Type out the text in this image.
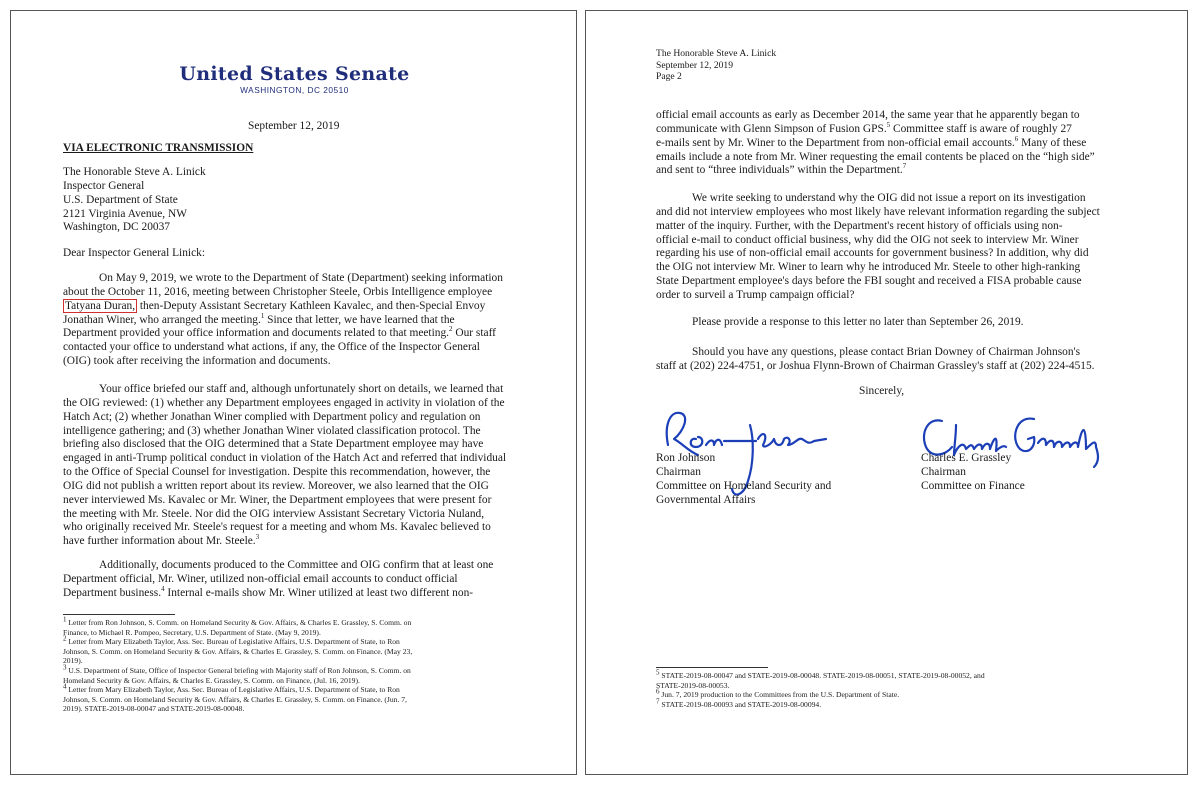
United States Senate
WASHINGTON, DC 20510

September 12, 2019

VIA ELECTRONIC TRANSMISSION

The Honorable Steve A. Linick

Inspector General

U.S. Department of State

2121 Virginia Avenue, NW

Washington, DC 20037

Dear Inspector General Linick:

On May 9, 2019, we wrote to the Department of State (Department) seeking information

about the October 11, 2016, meeting between Christopher Steele, Orbis Intelligence employee

Tatyana Duran, then-Deputy Assistant Secretary Kathleen Kavalec, and then-Special Envoy

Jonathan Winer, who arranged the meeting.$^1$ Since that letter, we have learned that the

Department provided your office information and documents related to that meeting.$^2$ Our staff

contacted your office to understand what actions, if any, the Office of the Inspector General

(OIG) took after receiving the information and documents.

Your office briefed our staff and, although unfortunately short on details, we learned that

the OIG reviewed: (1) whether any Department employees engaged in activity in violation of the

Hatch Act; (2) whether Jonathan Winer complied with Department policy and regulation on

intelligence gathering; and (3) whether Jonathan Winer violated classification protocol. The

briefing also disclosed that the OIG determined that a State Department employee may have

engaged in anti-Trump political conduct in violation of the Hatch Act and referred that individual

to the Office of Special Counsel for investigation. Despite this recommendation, however, the

OIG did not publish a written report about its review. Moreover, we also learned that the OIG

never interviewed Ms. Kavalec or Mr. Winer, the Department employees that were present for

the meeting with Mr. Steele. Nor did the OIG interview Assistant Secretary Victoria Nuland,

who originally received Mr. Steele's request for a meeting and whom Ms. Kavalec believed to

have further information about Mr. Steele.$^3$

Additionally, documents produced to the Committee and OIG confirm that at least one

Department official, Mr. Winer, utilized non-official email accounts to conduct official

Department business.$^4$ Internal e-mails show Mr. Winer utilized at least two different non-

$^1$ Letter from Ron Johnson, S. Comm. on Homeland Security & Gov. Affairs, & Charles E. Grassley, S. Comm. on

Finance, to Michael R. Pompeo, Secretary, U.S. Department of State. (May 9, 2019).

$^2$ Letter from Mary Elizabeth Taylor, Ass. Sec. Bureau of Legislative Affairs, U.S. Department of State, to Ron

Johnson, S. Comm. on Homeland Security & Gov. Affairs, & Charles E. Grassley, S. Comm. on Finance. (May 23,

2019).

$^3$ U.S. Department of State, Office of Inspector General briefing with Majority staff of Ron Johnson, S. Comm. on

Homeland Security & Gov. Affairs, & Charles E. Grassley, S. Comm. on Finance, (Jul. 16, 2019).

$^4$ Letter from Mary Elizabeth Taylor, Ass. Sec. Bureau of Legislative Affairs, U.S. Department of State, to Ron

Johnson, S. Comm. on Homeland Security & Gov. Affairs, & Charles E. Grassley, S. Comm. on Finance. (Jun. 7,

2019). STATE-2019-08-00047 and STATE-2019-08-00048.

The Honorable Steve A. Linick

September 12, 2019

Page 2

official email accounts as early as December 2014, the same year that he apparently began to

communicate with Glenn Simpson of Fusion GPS.$^5$ Committee staff is aware of roughly 27

e-mails sent by Mr. Winer to the Department from non-official email accounts.$^6$ Many of these

emails include a note from Mr. Winer requesting the email contents be placed on the “high side”

and sent to “three individuals” within the Department.$^7$

We write seeking to understand why the OIG did not issue a report on its investigation

and did not interview employees who most likely have relevant information regarding the subject

matter of the inquiry. Further, with the Department's recent history of officials using non-

official e-mail to conduct official business, why did the OIG not seek to interview Mr. Winer

regarding his use of non-official email accounts for government business? In addition, why did

the OIG not interview Mr. Winer to learn why he introduced Mr. Steele to other high-ranking

State Department employee's days before the FBI sought and received a FISA probable cause

order to surveil a Trump campaign official?

Please provide a response to this letter no later than September 26, 2019.

Should you have any questions, please contact Brian Downey of Chairman Johnson's

staff at (202) 224-4751, or Joshua Flynn-Brown of Chairman Grassley's staff at (202) 224-4515.

Sincerely,

Ron Johnson

Chairman

Committee on Homeland Security and

Governmental Affairs

Charles E. Grassley

Chairman

Committee on Finance

$^5$ STATE-2019-08-00047 and STATE-2019-08-00048. STATE-2019-08-00051, STATE-2019-08-00052, and

STATE-2019-08-00053.

$^6$ Jun. 7, 2019 production to the Committees from the U.S. Department of State.

$^7$ STATE-2019-08-00093 and STATE-2019-08-00094.
